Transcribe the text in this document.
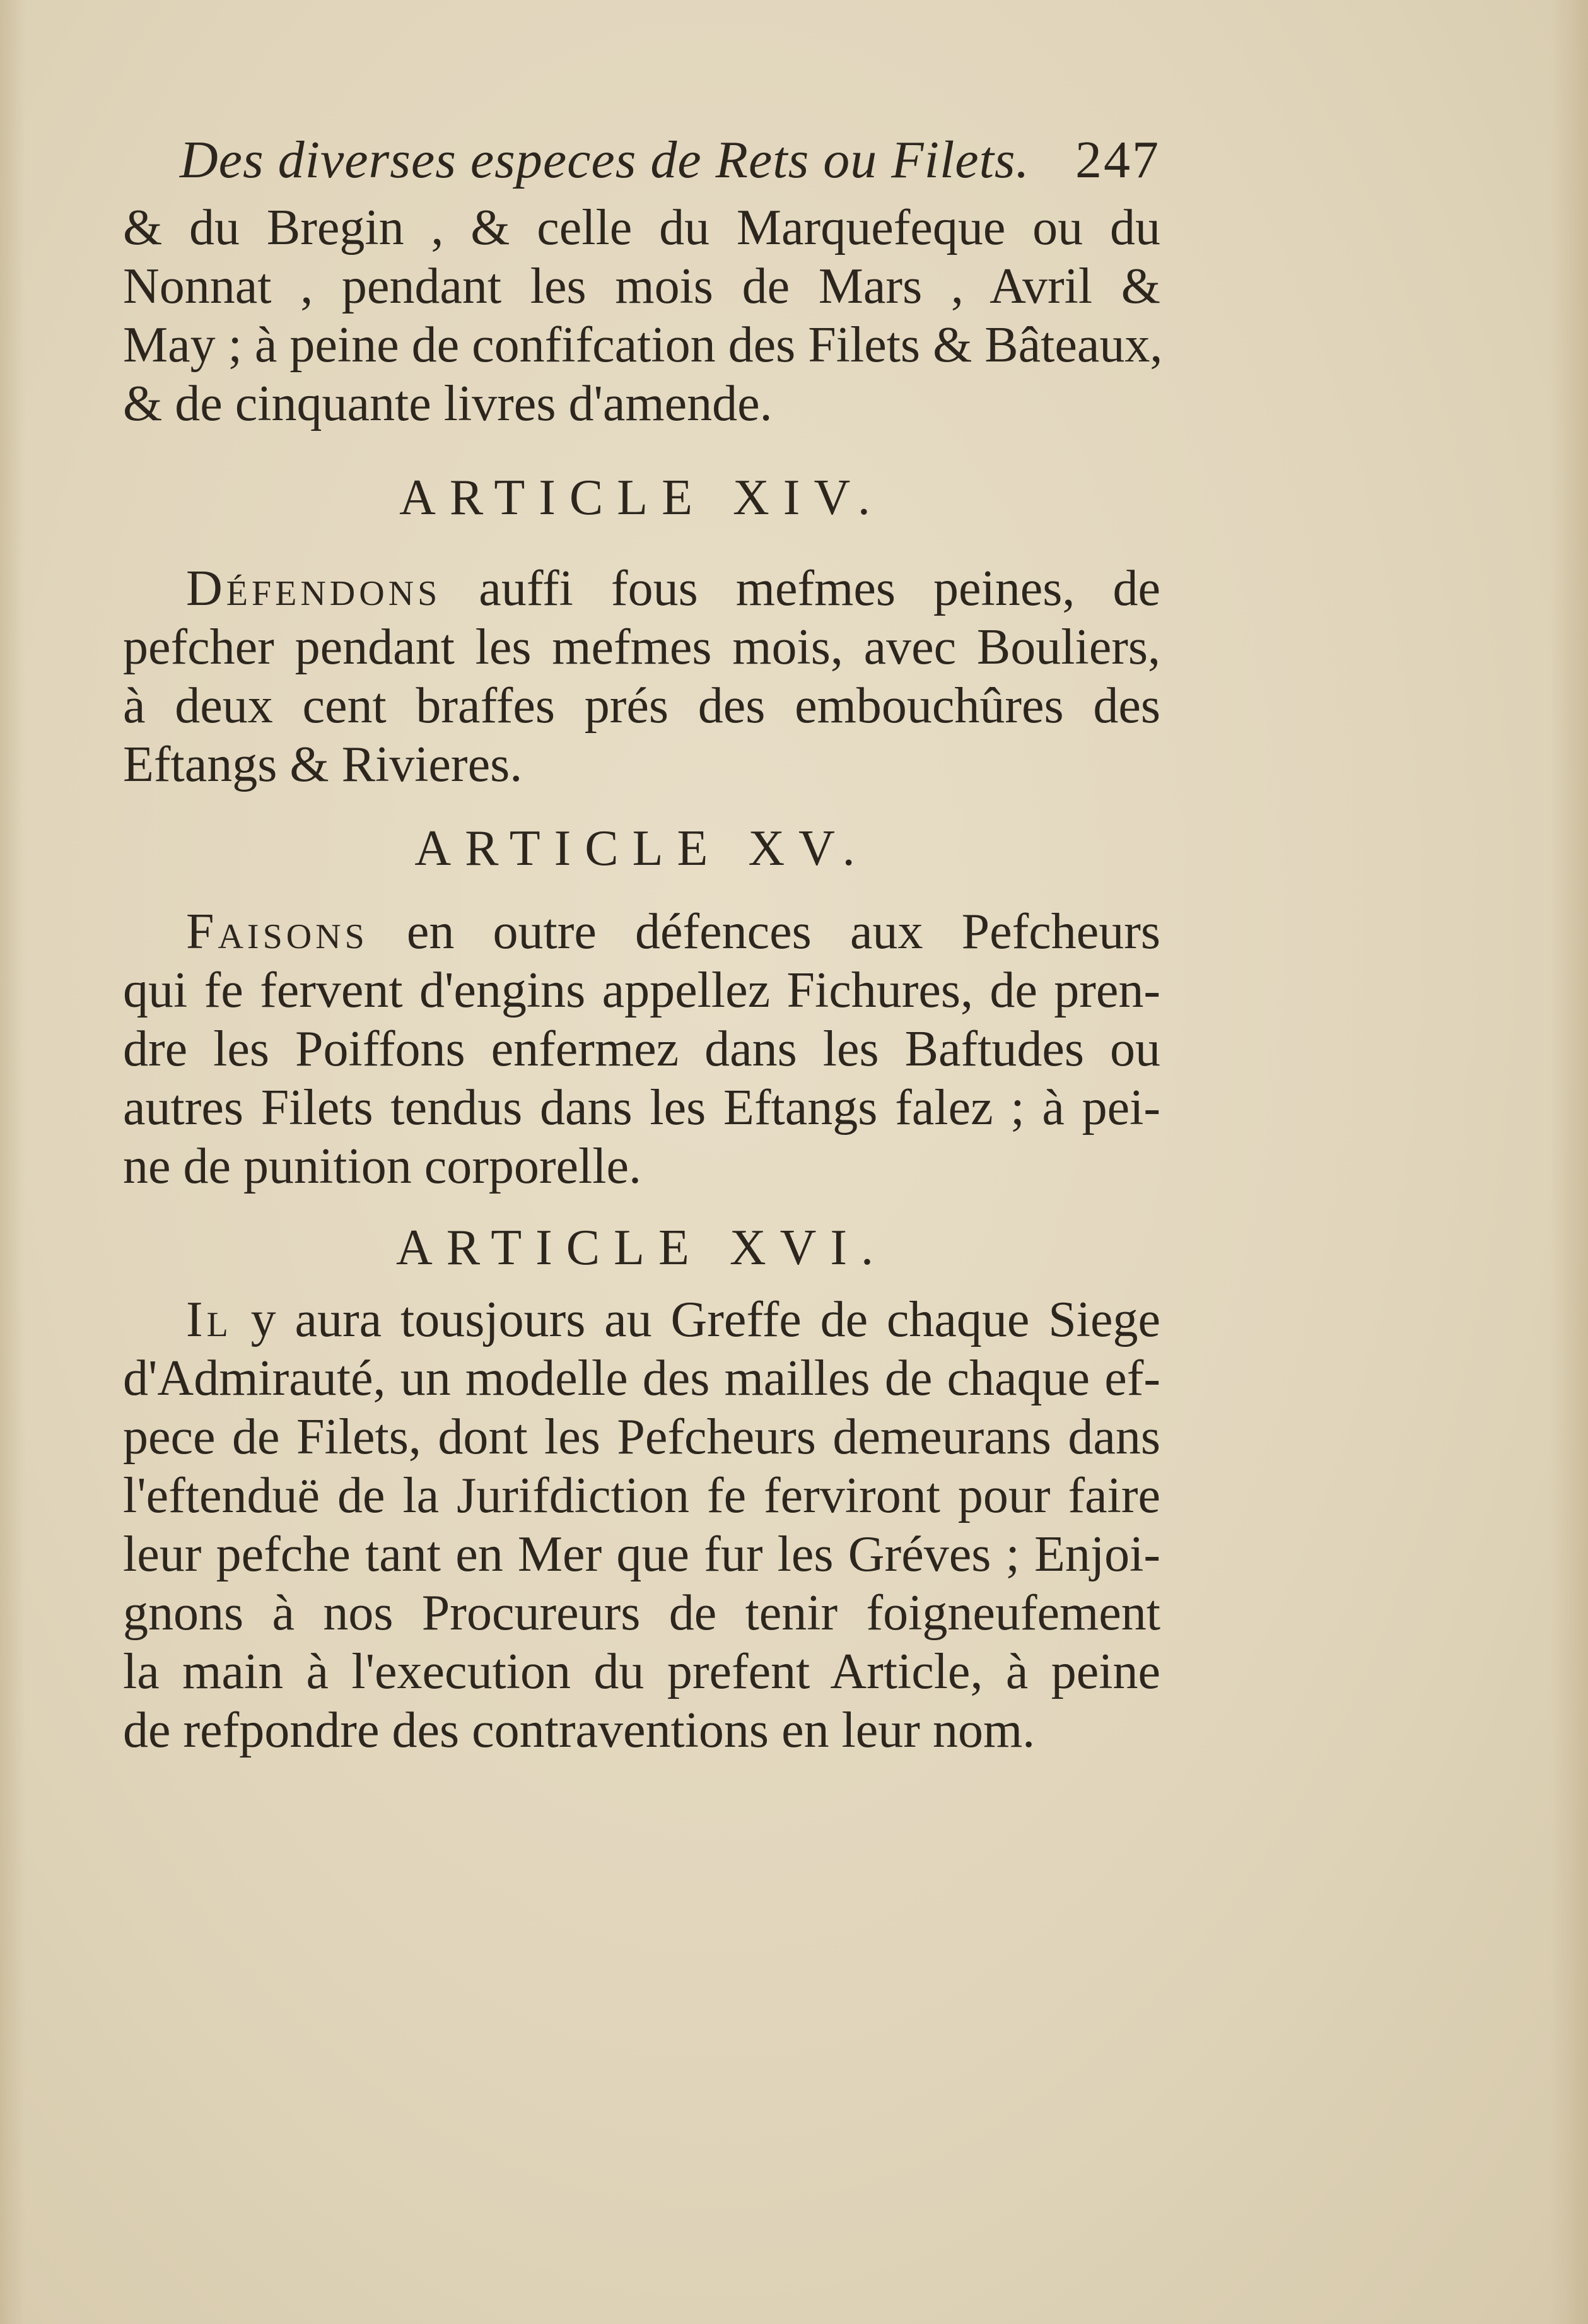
Des diverses especes de Rets ou Filets. 247
& du Bregin , & celle du Marquefeque ou du
Nonnat , pendant les mois de Mars , Avril &
May ; à peine de confifcation des Filets & Bâteaux,
& de cinquante livres d'amende.
ARTICLE XIV.
Défendons auffi fous mefmes peines, de
pefcher pendant les mefmes mois, avec Bouliers,
à deux cent braffes prés des embouchûres des
Eftangs & Rivieres.
ARTICLE XV.
Faisons en outre défences aux Pefcheurs
qui fe fervent d'engins appellez Fichures, de pren-
dre les Poiffons enfermez dans les Baftudes ou
autres Filets tendus dans les Eftangs falez ; à pei-
ne de punition corporelle.
ARTICLE XVI.
Il y aura tousjours au Greffe de chaque Siege
d'Admirauté, un modelle des mailles de chaque ef-
pece de Filets, dont les Pefcheurs demeurans dans
l'eftenduë de la Jurifdiction fe ferviront pour faire
leur pefche tant en Mer que fur les Gréves ; Enjoi-
gnons à nos Procureurs de tenir foigneufement
la main à l'execution du prefent Article, à peine
de refpondre des contraventions en leur nom.
